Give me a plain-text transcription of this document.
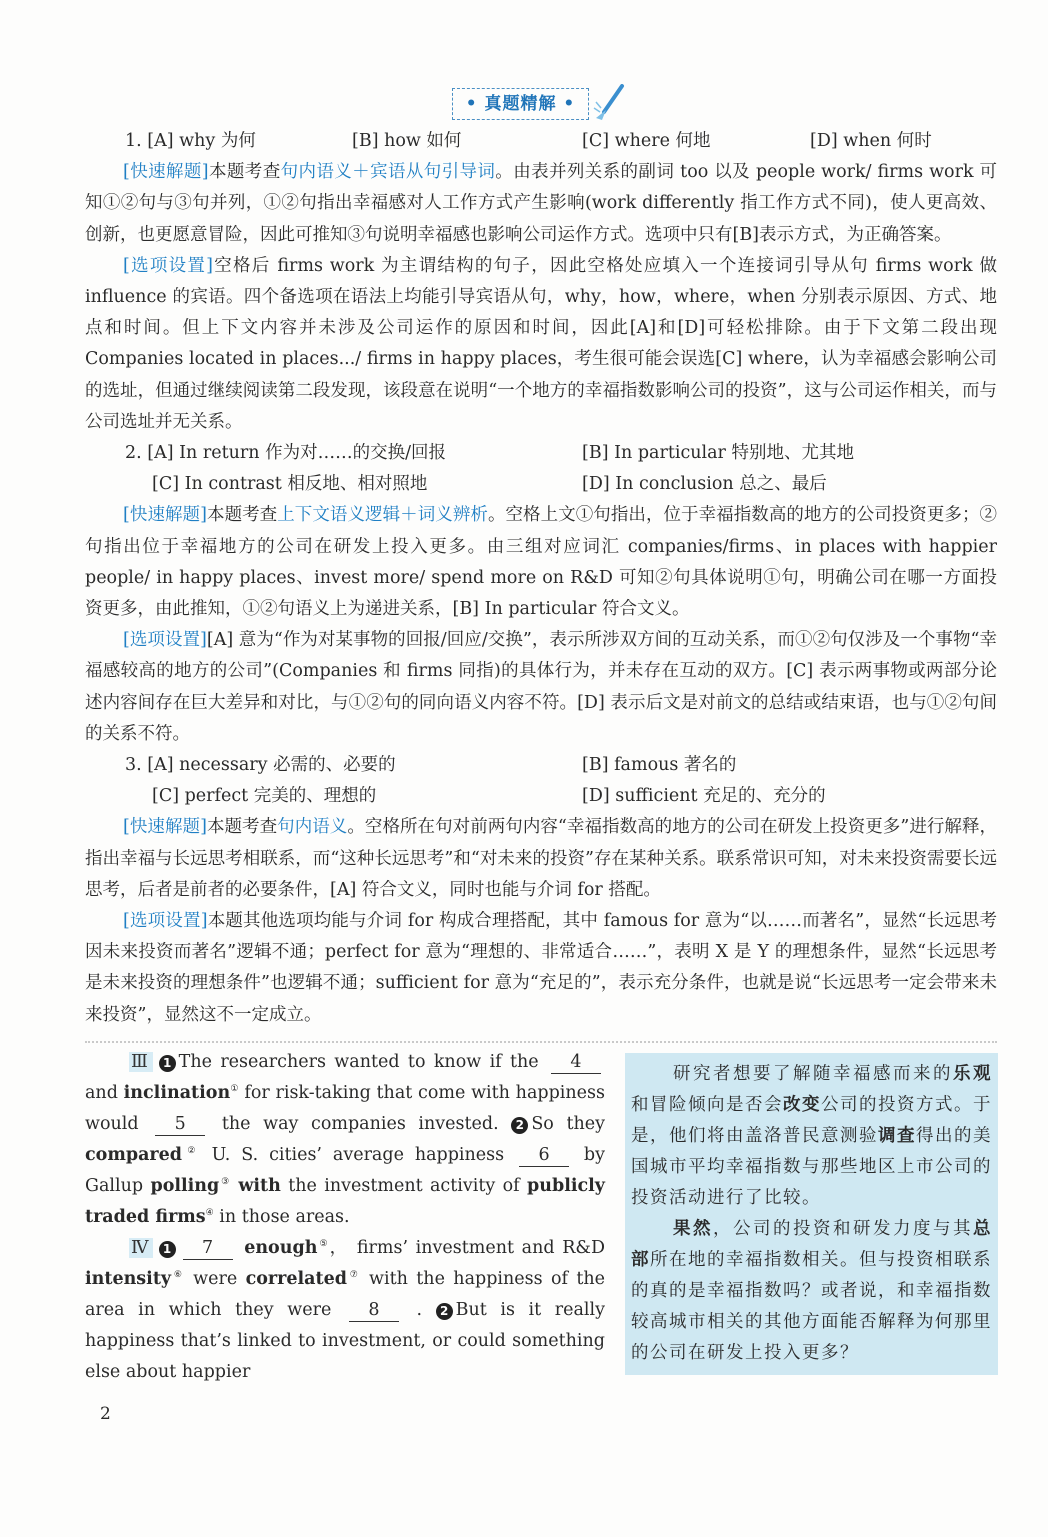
• 真题精解 •
1. [A] why 为何	[B] how 如何	[C] where 何地	[D] when 何时

[快速解题]本题考查句内语义＋宾语从句引导词。由表并列关系的副词 too 以及 people work/ firms work 可知①②句与③句并列，①②句指出幸福感对人工作方式产生影响(work differently 指工作方式不同)，使人更高效、创新，也更愿意冒险，因此可推知③句说明幸福感也影响公司运作方式。选项中只有[B]表示方式，为正确答案。

[选项设置]空格后 firms work 为主谓结构的句子，因此空格处应填入一个连接词引导从句 firms work 做 influence 的宾语。四个备选项在语法上均能引导宾语从句，why，how，where，when 分别表示原因、方式、地点和时间。但上下文内容并未涉及公司运作的原因和时间，因此[A]和[D]可轻松排除。由于下文第二段出现 Companies located in places.../ firms in happy places，考生很可能会误选[C] where，认为幸福感会影响公司的选址，但通过继续阅读第二段发现，该段意在说明“一个地方的幸福指数影响公司的投资”，这与公司运作相关，而与公司选址并无关系。

2. [A] In return 作为对……的交换/回报	[B] In particular 特别地、尤其地
[C] In contrast 相反地、相对照地	[D] In conclusion 总之、最后

[快速解题]本题考查上下文语义逻辑＋词义辨析。空格上文①句指出，位于幸福指数高的地方的公司投资更多；②句指出位于幸福地方的公司在研发上投入更多。由三组对应词汇 companies/firms、in places with happier people/ in happy places、invest more/ spend more on R&D 可知②句具体说明①句，明确公司在哪一方面投资更多，由此推知，①②句语义上为递进关系，[B] In particular 符合文义。

[选项设置][A] 意为“作为对某事物的回报/回应/交换”，表示所涉双方间的互动关系，而①②句仅涉及一个事物“幸福感较高的地方的公司”(Companies 和 firms 同指)的具体行为，并未存在互动的双方。[C] 表示两事物或两部分论述内容间存在巨大差异和对比，与①②句的同向语义内容不符。[D] 表示后文是对前文的总结或结束语，也与①②句间的关系不符。

3. [A] necessary 必需的、必要的	[B] famous 著名的
[C] perfect 完美的、理想的	[D] sufficient 充足的、充分的

[快速解题]本题考查句内语义。空格所在句对前两句内容“幸福指数高的地方的公司在研发上投资更多”进行解释，指出幸福与长远思考相联系，而“这种长远思考”和“对未来的投资”存在某种关系。联系常识可知，对未来投资需要长远思考，后者是前者的必要条件，[A] 符合文义，同时也能与介词 for 搭配。

[选项设置]本题其他选项均能与介词 for 构成合理搭配，其中 famous for 意为“以……而著名”，显然“长远思考因未来投资而著名”逻辑不通；perfect for 意为“理想的、非常适合……”，表明 X 是 Y 的理想条件，显然“长远思考是未来投资的理想条件”也逻辑不通；sufficient for 意为“充足的”，表示充分条件，也就是说“长远思考一定会带来未来投资”，显然这不一定成立。

Ⅲ 1 The researchers wanted to know if the 4 and inclination① for risk-taking that come with happiness would 5 the way companies invested. 2 So they compared② U. S. cities’ average happiness 6 by Gallup polling③ with the investment activity of publicly traded firms④ in those areas.

Ⅳ 1 7 enough⑤， firms’ investment and R&D intensity⑥ were correlated⑦ with the happiness of the area in which they were 8 . 2 But is it really happiness that’s linked to investment, or could something else about happier

研究者想要了解随幸福感而来的乐观和冒险倾向是否会改变公司的投资方式。于是，他们将由盖洛普民意测验调查得出的美国城市平均幸福指数与那些地区上市公司的投资活动进行了比较。

果然，公司的投资和研发力度与其总部所在地的幸福指数相关。但与投资相联系的真的是幸福指数吗？或者说，和幸福指数较高城市相关的其他方面能否解释为何那里的公司在研发上投入更多？

2
